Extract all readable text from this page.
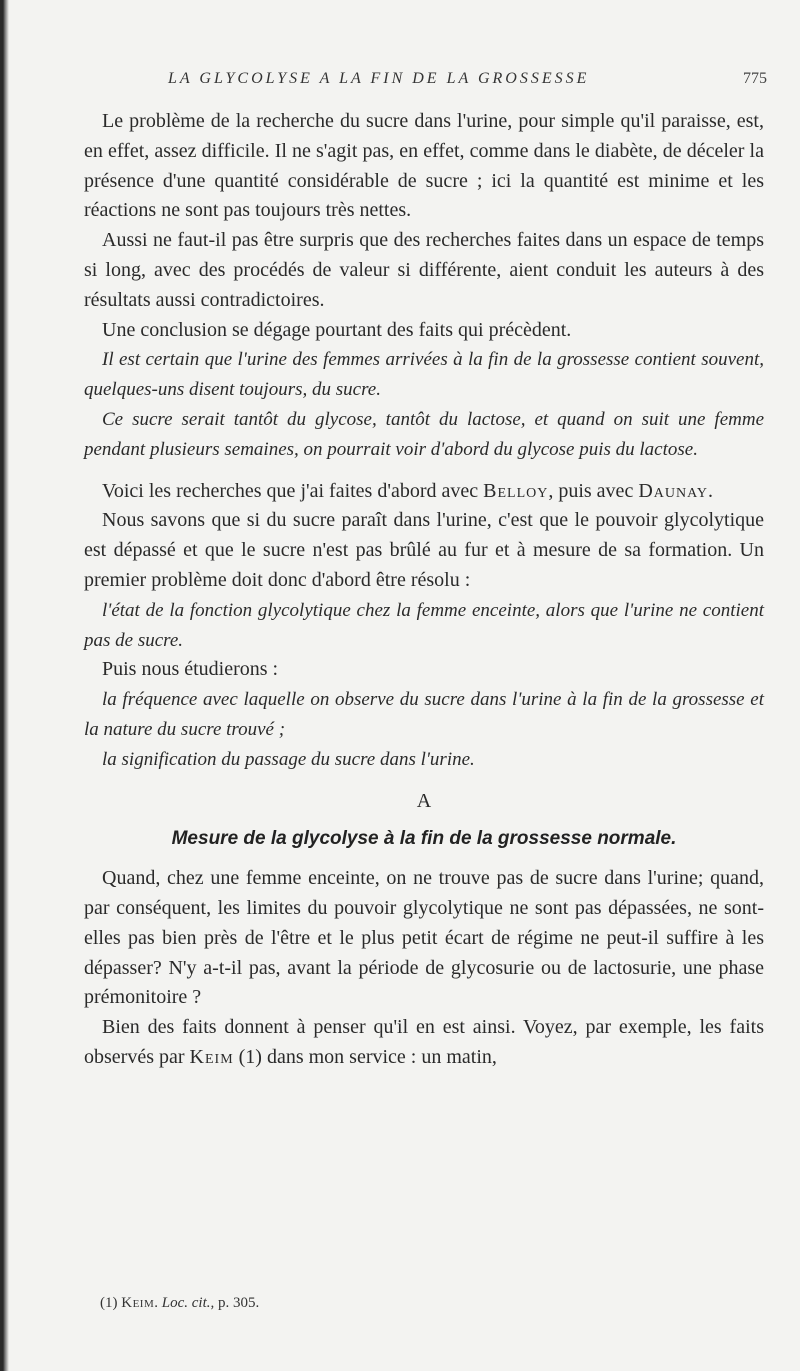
LA GLYCOLYSE A LA FIN DE LA GROSSESSE	775

Le problème de la recherche du sucre dans l'urine, pour simple qu'il paraisse, est, en effet, assez difficile. Il ne s'agit pas, en effet, comme dans le diabète, de déceler la présence d'une quantité considérable de sucre ; ici la quantité est minime et les réactions ne sont pas toujours très nettes.

Aussi ne faut-il pas être surpris que des recherches faites dans un espace de temps si long, avec des procédés de valeur si différente, aient conduit les auteurs à des résultats aussi contradictoires.

Une conclusion se dégage pourtant des faits qui précèdent.

Il est certain que l'urine des femmes arrivées à la fin de la grossesse contient souvent, quelques-uns disent toujours, du sucre.

Ce sucre serait tantôt du glycose, tantôt du lactose, et quand on suit une femme pendant plusieurs semaines, on pourrait voir d'abord du glycose puis du lactose.

Voici les recherches que j'ai faites d'abord avec Belloy, puis avec Daunay.

Nous savons que si du sucre paraît dans l'urine, c'est que le pouvoir glycolytique est dépassé et que le sucre n'est pas brûlé au fur et à mesure de sa formation. Un premier problème doit donc d'abord être résolu :

l'état de la fonction glycolytique chez la femme enceinte, alors que l'urine ne contient pas de sucre.

Puis nous étudierons :

la fréquence avec laquelle on observe du sucre dans l'urine à la fin de la grossesse et la nature du sucre trouvé ;

la signification du passage du sucre dans l'urine.

A

Mesure de la glycolyse à la fin de la grossesse normale.

Quand, chez une femme enceinte, on ne trouve pas de sucre dans l'urine; quand, par conséquent, les limites du pouvoir glycolytique ne sont pas dépassées, ne sont-elles pas bien près de l'être et le plus petit écart de régime ne peut-il suffire à les dépasser? N'y a-t-il pas, avant la période de glycosurie ou de lactosurie, une phase prémonitoire ?

Bien des faits donnent à penser qu'il en est ainsi. Voyez, par exemple, les faits observés par Keim (1) dans mon service : un matin,

(1) Keim. Loc. cit., p. 305.
